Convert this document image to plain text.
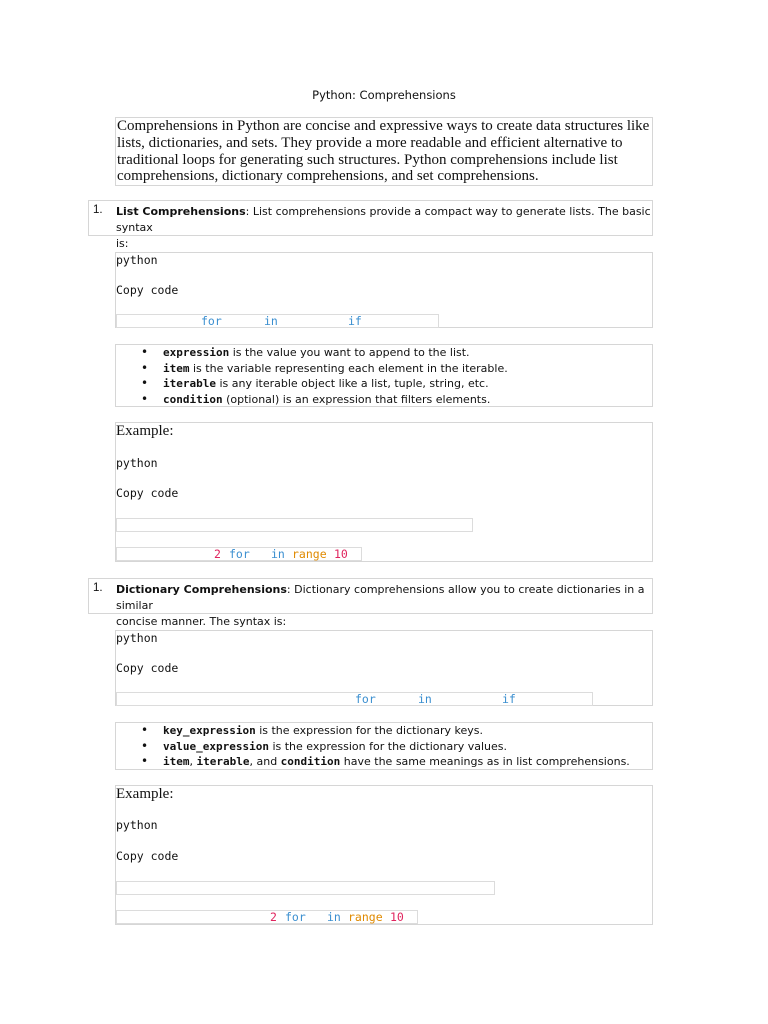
Python: Comprehensions
Comprehensions in Python are concise and expressive ways to create data structures like lists, dictionaries, and sets. They provide a more readable and efficient alternative to traditional loops for generating such structures. Python comprehensions include list comprehensions, dictionary comprehensions, and set comprehensions.
1.	List Comprehensions: List comprehensions provide a compact way to generate lists. The basic syntax
is:
python
Copy code
for	in	if
• expression is the value you want to append to the list.
• item is the variable representing each element in the iterable.
• iterable is any iterable object like a list, tuple, string, etc.
• condition (optional) is an expression that filters elements.
Example:
python
Copy code
2 for in range 10
1.	Dictionary Comprehensions: Dictionary comprehensions allow you to create dictionaries in a similar
concise manner. The syntax is:
python
Copy code
for	in	if
• key_expression is the expression for the dictionary keys.
• value_expression is the expression for the dictionary values.
• item, iterable, and condition have the same meanings as in list comprehensions.
Example:
python
Copy code
2 for in range 10
